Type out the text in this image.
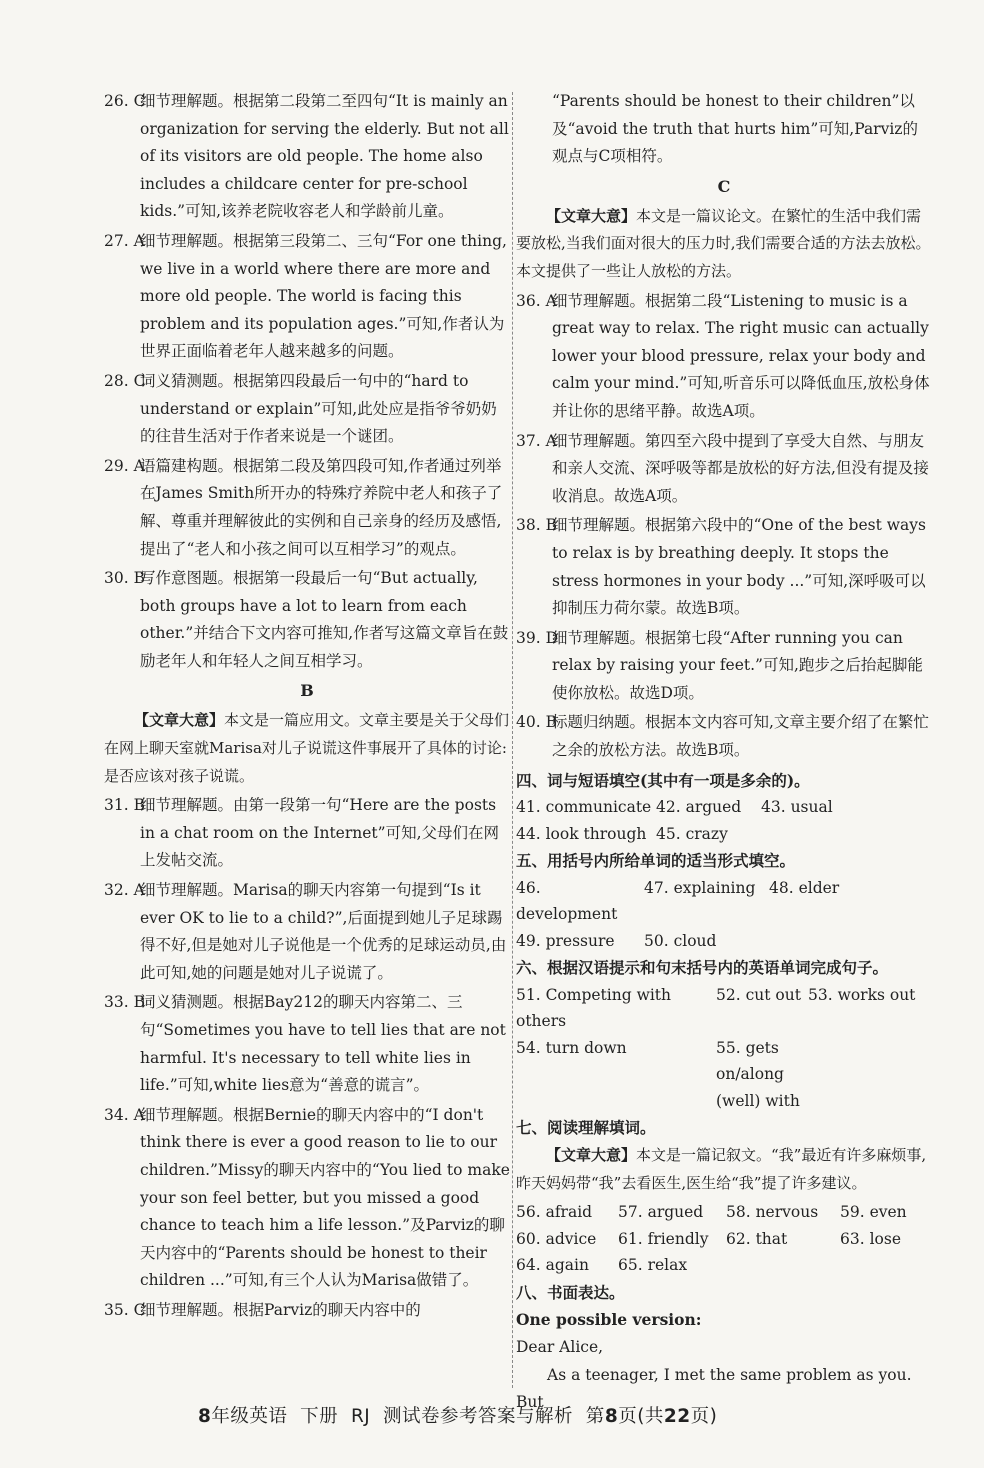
26. C
细节理解题。根据第二段第二至四句“It is mainly an organization for serving the elderly. But not all of its visitors are old people. The home also includes a childcare center for pre-school kids.”可知,该养老院收容老人和学龄前儿童。
27. A
细节理解题。根据第三段第二、三句“For one thing, we live in a world where there are more and more old people. The world is facing this problem and its population ages.”可知,作者认为世界正面临着老年人越来越多的问题。
28. C
词义猜测题。根据第四段最后一句中的“hard to understand or explain”可知,此处应是指爷爷奶奶的往昔生活对于作者来说是一个谜团。
29. A
语篇建构题。根据第二段及第四段可知,作者通过列举在James Smith所开办的特殊疗养院中老人和孩子了解、尊重并理解彼此的实例和自己亲身的经历及感悟,提出了“老人和小孩之间可以互相学习”的观点。
30. B
写作意图题。根据第一段最后一句“But actually, both groups have a lot to learn from each other.”并结合下文内容可推知,作者写这篇文章旨在鼓励老年人和年轻人之间互相学习。
B

【文章大意】本文是一篇应用文。文章主要是关于父母们在网上聊天室就Marisa对儿子说谎这件事展开了具体的讨论:是否应该对孩子说谎。

31. B
细节理解题。由第一段第一句“Here are the posts in a chat room on the Internet”可知,父母们在网上发帖交流。
32. A
细节理解题。Marisa的聊天内容第一句提到“Is it ever OK to lie to a child?”,后面提到她儿子足球踢得不好,但是她对儿子说他是一个优秀的足球运动员,由此可知,她的问题是她对儿子说谎了。
33. B
词义猜测题。根据Bay212的聊天内容第二、三句“Sometimes you have to tell lies that are not harmful. It's necessary to tell white lies in life.”可知,white lies意为“善意的谎言”。
34. A
细节理解题。根据Bernie的聊天内容中的“I don't think there is ever a good reason to lie to our children.”Missy的聊天内容中的“You lied to make your son feel better, but you missed a good chance to teach him a life lesson.”及Parviz的聊天内容中的“Parents should be honest to their children ...”可知,有三个人认为Marisa做错了。
35. C
细节理解题。根据Parviz的聊天内容中的

“Parents should be honest to their children”以及“avoid the truth that hurts him”可知,Parviz的观点与C项相符。

C

【文章大意】本文是一篇议论文。在繁忙的生活中我们需要放松,当我们面对很大的压力时,我们需要合适的方法去放松。本文提供了一些让人放松的方法。

36. A
细节理解题。根据第二段“Listening to music is a great way to relax. The right music can actually lower your blood pressure, relax your body and calm your mind.”可知,听音乐可以降低血压,放松身体并让你的思绪平静。故选A项。
37. A
细节理解题。第四至六段中提到了享受大自然、与朋友和亲人交流、深呼吸等都是放松的好方法,但没有提及接收消息。故选A项。
38. B
细节理解题。根据第六段中的“One of the best ways to relax is by breathing deeply. It stops the stress hormones in your body ...”可知,深呼吸可以抑制压力荷尔蒙。故选B项。
39. D
细节理解题。根据第七段“After running you can relax by raising your feet.”可知,跑步之后抬起脚能使你放松。故选D项。
40. B
标题归纳题。根据本文内容可知,文章主要介绍了在繁忙之余的放松方法。故选B项。

四、词与短语填空(其中有一项是多余的)。

41. communicate 42. argued	43. usual
44. look through 45. crazy

五、用括号内所给单词的适当形式填空。

46. development
47. explaining 48. elder
49. pressure	50. cloud

六、根据汉语提示和句末括号内的英语单词完成句子。

51. Competing with others
52. cut out 53. works out
54. turn down	55. gets on/along (well) with

七、阅读理解填词。

【文章大意】本文是一篇记叙文。“我”最近有许多麻烦事,昨天妈妈带“我”去看医生,医生给“我”提了许多建议。

56. afraid	57. argued	58. nervous	59. even
60. advice	61. friendly	62. that	63. lose
64. again	65. relax

八、书面表达。

One possible version:

Dear Alice,

As a teenager, I met the same problem as you. But

8年级英语 下册 RJ 测试卷参考答案与解析 第8页(共22页)
